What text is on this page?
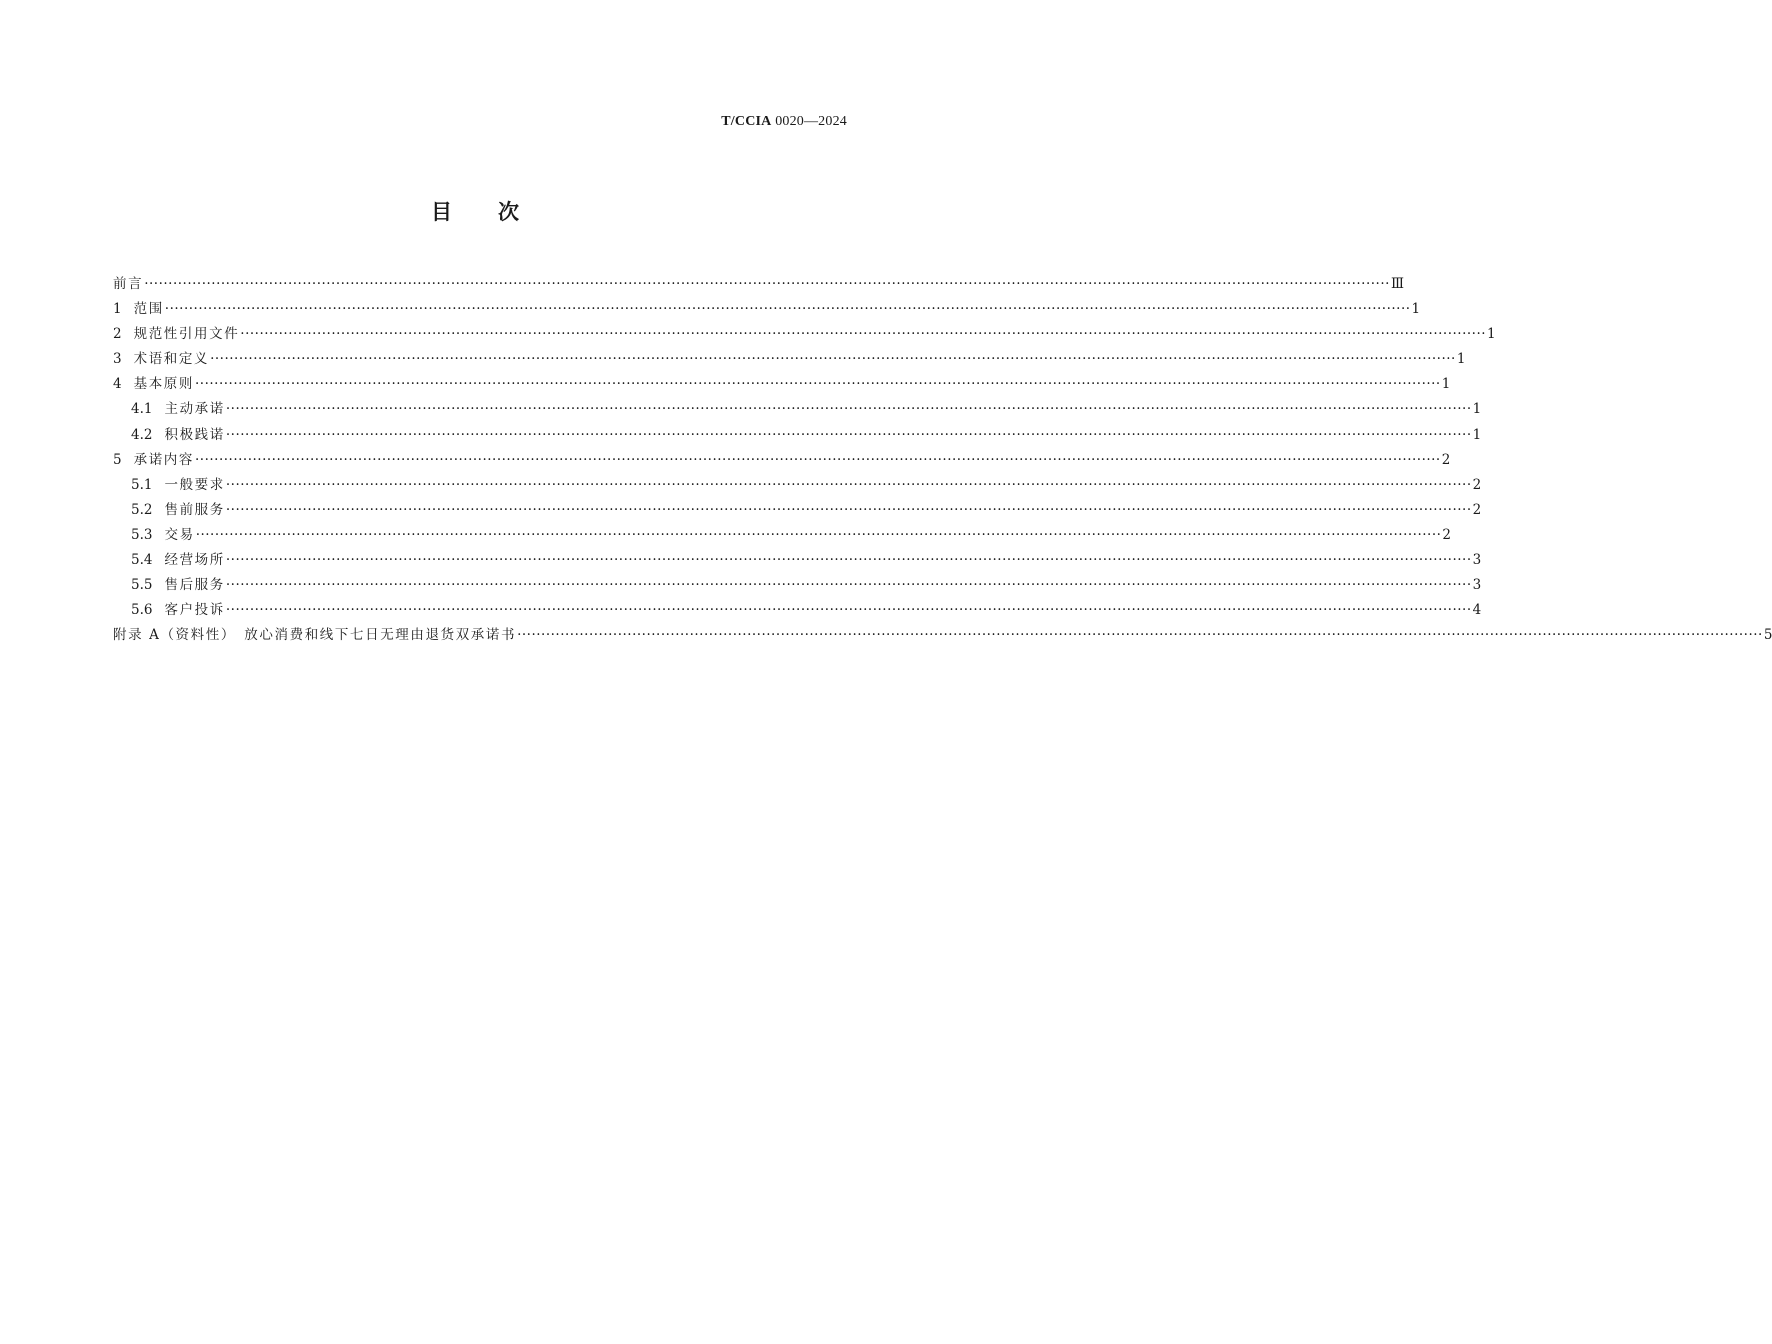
T/CCIA 0020—2024
目 次
前言 ···································································································································································································································································· Ⅲ
1 范围 ···································································································································································································································································· 1
2 规范性引用文件 ···································································································································································································································································· 1
3 术语和定义 ···································································································································································································································································· 1
4 基本原则 ···································································································································································································································································· 1
4.1 主动承诺 ···································································································································································································································································· 1
4.2 积极践诺 ···································································································································································································································································· 1
5 承诺内容 ···································································································································································································································································· 2
5.1 一般要求 ···································································································································································································································································· 2
5.2 售前服务 ···································································································································································································································································· 2
5.3 交易 ···································································································································································································································································· 2
5.4 经营场所 ···································································································································································································································································· 3
5.5 售后服务 ···································································································································································································································································· 3
5.6 客户投诉 ···································································································································································································································································· 4
附录 A（资料性）　放心消费和线下七日无理由退货双承诺书 ···································································································································································································································································· 5
